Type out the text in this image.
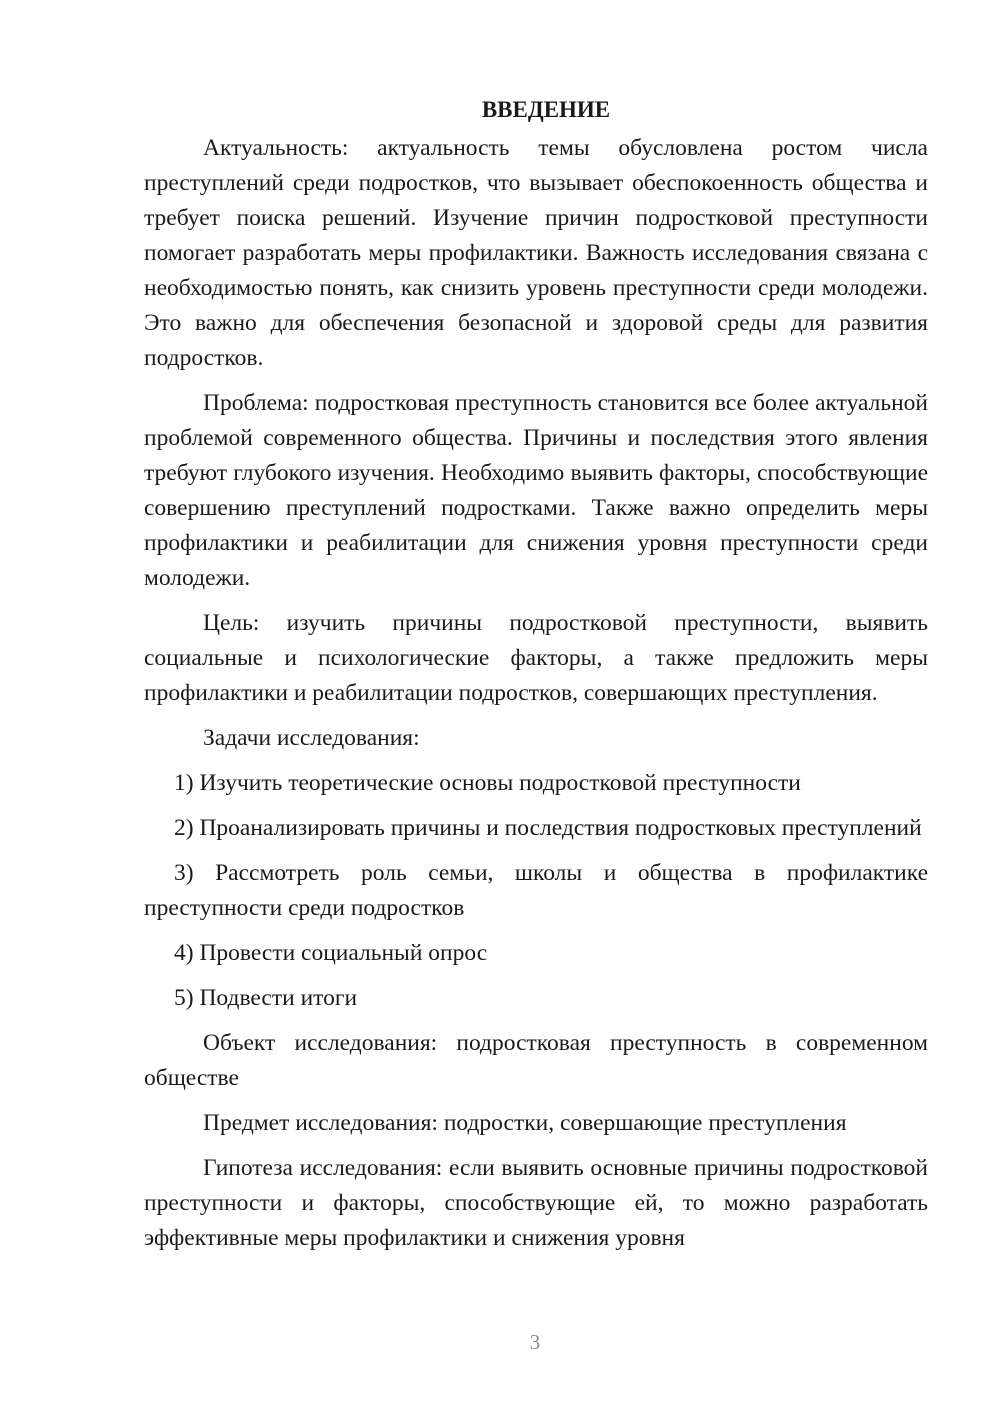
ВВЕДЕНИЕ

Актуальность: актуальность темы обусловлена ростом числа преступлений среди подростков, что вызывает обеспокоенность общества и требует поиска решений. Изучение причин подростковой преступности помогает разработать меры профилактики. Важность исследования связана с необходимостью понять, как снизить уровень преступности среди молодежи. Это важно для обеспечения безопасной и здоровой среды для развития подростков.

Проблема: подростковая преступность становится все более актуальной проблемой современного общества. Причины и последствия этого явления требуют глубокого изучения. Необходимо выявить факторы, способствующие совершению преступлений подростками. Также важно определить меры профилактики и реабилитации для снижения уровня преступности среди молодежи.

Цель: изучить причины подростковой преступности, выявить социальные и психологические факторы, а также предложить меры профилактики и реабилитации подростков, совершающих преступления.

Задачи исследования:

1) Изучить теоретические основы подростковой преступности

2) Проанализировать причины и последствия подростковых преступлений

3) Рассмотреть роль семьи, школы и общества в профилактике преступности среди подростков

4) Провести социальный опрос

5) Подвести итоги

Объект исследования: подростковая преступность в современном обществе

Предмет исследования: подростки, совершающие преступления

Гипотеза исследования: если выявить основные причины подростковой преступности и факторы, способствующие ей, то можно разработать эффективные меры профилактики и снижения уровня

3
